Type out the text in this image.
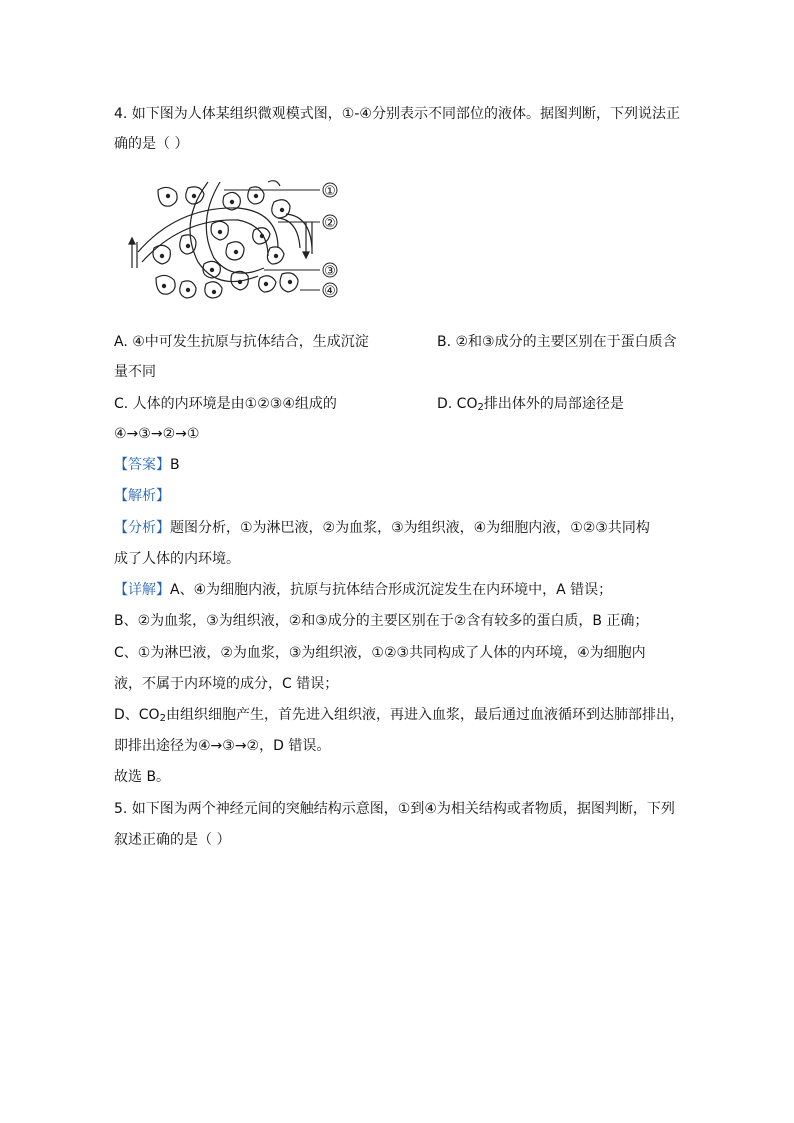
4. 如下图为人体某组织微观模式图，①-④分别表示不同部位的液体。据图判断，下列说法正
确的是（ ）
①
②
③
④
A. ④中可发生抗原与抗体结合，生成沉淀	B. ②和③成分的主要区别在于蛋白质含
量不同
C. 人体的内环境是由①②③④组成的	D. $CO_2$排出体外的局部途径是
④→③→②→①
【答案】B
【解析】
【分析】题图分析，①为淋巴液，②为血浆，③为组织液，④为细胞内液，①②③共同构
成了人体的内环境。
【详解】A、④为细胞内液，抗原与抗体结合形成沉淀发生在内环境中，A 错误；
B、②为血浆，③为组织液，②和③成分的主要区别在于②含有较多的蛋白质，B 正确；
C、①为淋巴液，②为血浆，③为组织液，①②③共同构成了人体的内环境，④为细胞内
液，不属于内环境的成分，C 错误；
D、$CO_2$由组织细胞产生，首先进入组织液，再进入血浆，最后通过血液循环到达肺部排出，
即排出途径为④→③→②，D 错误。
故选 B。
5. 如下图为两个神经元间的突触结构示意图，①到④为相关结构或者物质，据图判断，下列
叙述正确的是（ ）
